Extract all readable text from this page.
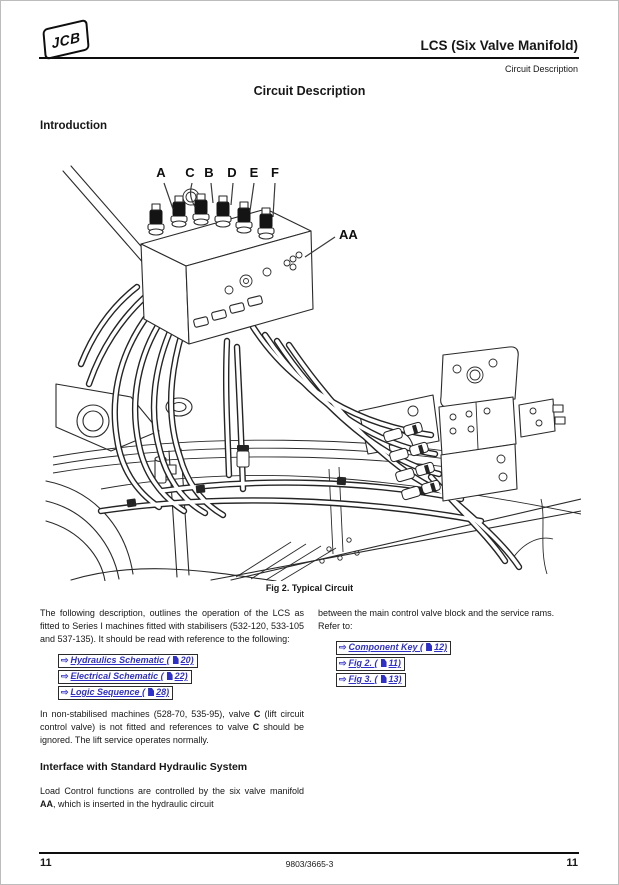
JCB	LCS (Six Valve Manifold)
Circuit Description
Circuit Description
Introduction
A C B D E F
AA
Fig 2. Typical Circuit

The following description, outlines the operation of the LCS as fitted to Series I machines fitted with stabilisers (532-120, 533-105 and 537-135). It should be read with reference to the following:

⇨ Hydraulics Schematic ( 20)
⇨ Electrical Schematic ( 22)
⇨ Logic Sequence ( 28)

In non-stabilised machines (528-70, 535-95), valve C (lift circuit control valve) is not fitted and references to valve C should be ignored. The lift service operates normally.

Interface with Standard Hydraulic System

Load Control functions are controlled by the six valve manifold AA, which is inserted in the hydraulic circuit

between the main control valve block and the service rams.

Refer to:

⇨ Component Key ( 12)
⇨ Fig 2. ( 11)
⇨ Fig 3. ( 13)
11	9803/3665-3	11
